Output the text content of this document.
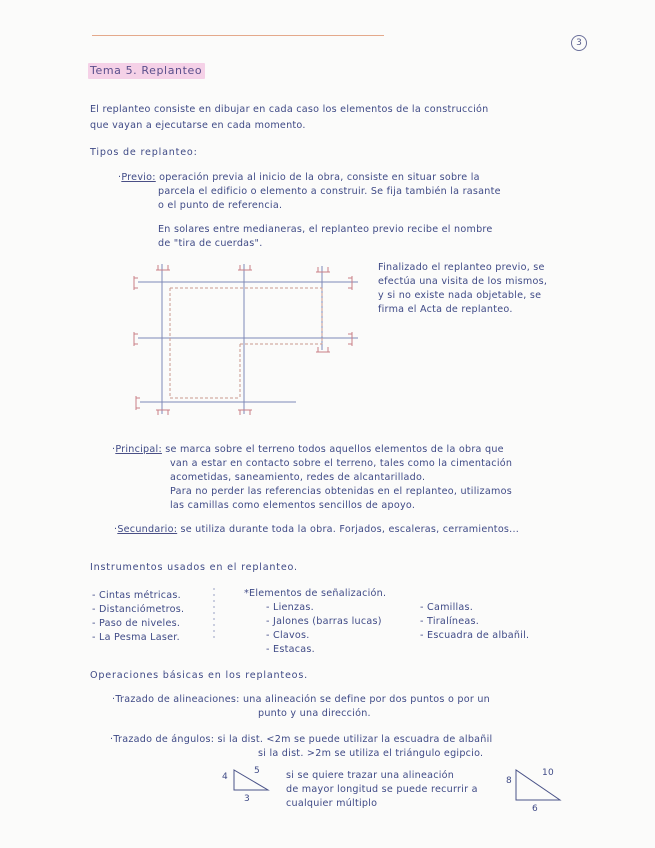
3
Tema 5. Replanteo
El replanteo consiste en dibujar en cada caso los elementos de la construcción
que vayan a ejecutarse en cada momento.
Tipos de replanteo:
·Previo: operación previa al inicio de la obra, consiste en situar sobre la
parcela el edificio o elemento a construir. Se fija también la rasante
o el punto de referencia.
En solares entre medianeras, el replanteo previo recibe el nombre
de "tira de cuerdas".
Finalizado el replanteo previo, se
efectúa una visita de los mismos,
y si no existe nada objetable, se
firma el Acta de replanteo.
·Principal: se marca sobre el terreno todos aquellos elementos de la obra que
van a estar en contacto sobre el terreno, tales como la cimentación
acometidas, saneamiento, redes de alcantarillado.
Para no perder las referencias obtenidas en el replanteo, utilizamos
las camillas como elementos sencillos de apoyo.
·Secundario: se utiliza durante toda la obra. Forjados, escaleras, cerramientos...
Instrumentos usados en el replanteo.
- Cintas métricas.
- Distanciómetros.
- Paso de niveles.
- La Pesma Laser.
*Elementos de señalización.
- Lienzas.
- Jalones (barras lucas)
- Clavos.
- Estacas.
- Camillas.
- Tiralíneas.
- Escuadra de albañil.
Operaciones básicas en los replanteos.
·Trazado de alineaciones: una alineación se define por dos puntos o por un
punto y una dirección.
·Trazado de ángulos: si la dist. <2m se puede utilizar la escuadra de albañil
si la dist. >2m se utiliza el triángulo egipcio.
4
5
3
si se quiere trazar una alineación
de mayor longitud se puede recurrir a
cualquier múltiplo
8
10
6
